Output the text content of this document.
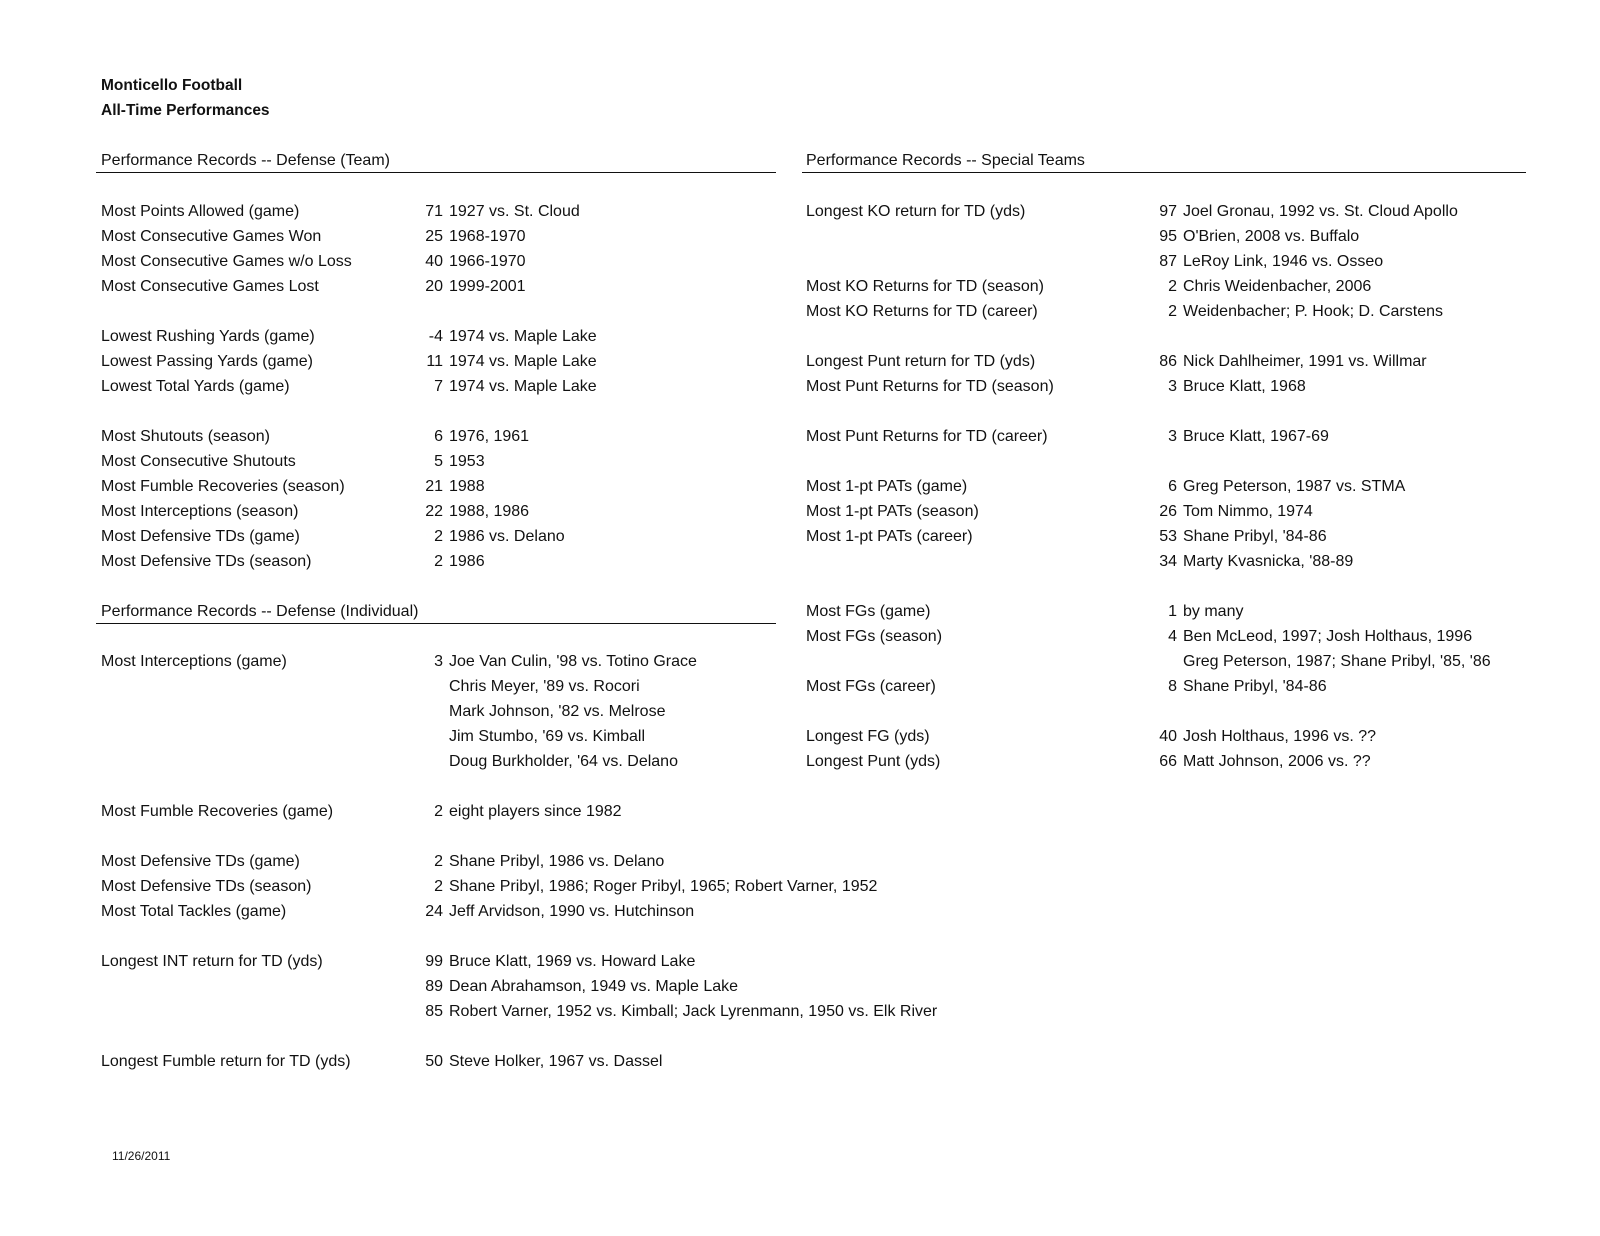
Monticello Football
All-Time Performances
Performance Records -- Defense (Team)
Most Points Allowed (game)	71 1927 vs. St. Cloud
Most Consecutive Games Won	25 1968-1970
Most Consecutive Games w/o Loss	40 1966-1970
Most Consecutive Games Lost	20 1999-2001
Lowest Rushing Yards (game)	-4 1974 vs. Maple Lake
Lowest Passing Yards (game)	11 1974 vs. Maple Lake
Lowest Total Yards (game)	7 1974 vs. Maple Lake
Most Shutouts (season)	6 1976, 1961
Most Consecutive Shutouts	5 1953
Most Fumble Recoveries (season)	21 1988
Most Interceptions (season)	22 1988, 1986
Most Defensive TDs (game)	2 1986 vs. Delano
Most Defensive TDs (season)	2 1986
Performance Records -- Defense (Individual)
Most Interceptions (game)	3 Joe Van Culin, '98 vs. Totino Grace
Chris Meyer, '89 vs. Rocori
Mark Johnson, '82 vs. Melrose
Jim Stumbo, '69 vs. Kimball
Doug Burkholder, '64 vs. Delano
Most Fumble Recoveries (game)	2 eight players since 1982
Most Defensive TDs (game)	2 Shane Pribyl, 1986 vs. Delano
Most Defensive TDs (season)	2 Shane Pribyl, 1986; Roger Pribyl, 1965; Robert Varner, 1952
Most Total Tackles (game)	24 Jeff Arvidson, 1990 vs. Hutchinson
Longest INT return for TD (yds)	99 Bruce Klatt, 1969 vs. Howard Lake
89 Dean Abrahamson, 1949 vs. Maple Lake
85 Robert Varner, 1952 vs. Kimball; Jack Lyrenmann, 1950 vs. Elk River
Longest Fumble return for TD (yds)	50 Steve Holker, 1967 vs. Dassel
Performance Records -- Special Teams
Longest KO return for TD (yds)	97 Joel Gronau, 1992 vs. St. Cloud Apollo
95 O'Brien, 2008 vs. Buffalo
87 LeRoy Link, 1946 vs. Osseo
Most KO Returns for TD (season)	2 Chris Weidenbacher, 2006
Most KO Returns for TD (career)	2 Weidenbacher; P. Hook; D. Carstens
Longest Punt return for TD (yds)	86 Nick Dahlheimer, 1991 vs. Willmar
Most Punt Returns for TD (season)	3 Bruce Klatt, 1968
Most Punt Returns for TD (career)	3 Bruce Klatt, 1967-69
Most 1-pt PATs (game)	6 Greg Peterson, 1987 vs. STMA
Most 1-pt PATs (season)	26 Tom Nimmo, 1974
Most 1-pt PATs (career)	53 Shane Pribyl, '84-86
34 Marty Kvasnicka, '88-89
Most FGs (game)	1 by many
Most FGs (season)	4 Ben McLeod, 1997; Josh Holthaus, 1996
Greg Peterson, 1987; Shane Pribyl, '85, '86
Most FGs (career)	8 Shane Pribyl, '84-86
Longest FG (yds)	40 Josh Holthaus, 1996 vs. ??
Longest Punt (yds)	66 Matt Johnson, 2006 vs. ??
11/26/2011
